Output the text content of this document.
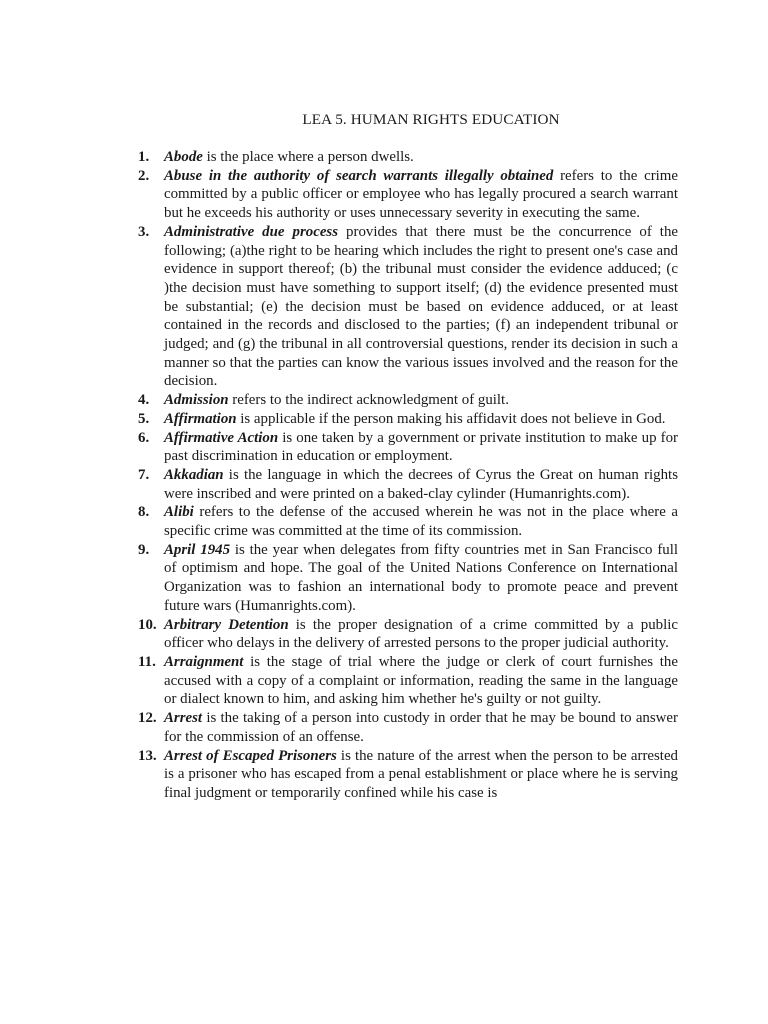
LEA 5. HUMAN RIGHTS EDUCATION
1. Abode is the place where a person dwells.
2. Abuse in the authority of search warrants illegally obtained refers to the crime committed by a public officer or employee who has legally procured a search warrant but he exceeds his authority or uses unnecessary severity in executing the same.
3. Administrative due process provides that there must be the concurrence of the following; (a)the right to be hearing which includes the right to present one's case and evidence in support thereof; (b) the tribunal must consider the evidence adduced; (c )the decision must have something to support itself; (d) the evidence presented must be substantial; (e) the decision must be based on evidence adduced, or at least contained in the records and disclosed to the parties; (f) an independent tribunal or judged; and (g) the tribunal in all controversial questions, render its decision in such a manner so that the parties can know the various issues involved and the reason for the decision.
4. Admission refers to the indirect acknowledgment of guilt.
5. Affirmation is applicable if the person making his affidavit does not believe in God.
6. Affirmative Action is one taken by a government or private institution to make up for past discrimination in education or employment.
7. Akkadian is the language in which the decrees of Cyrus the Great on human rights were inscribed and were printed on a baked-clay cylinder (Humanrights.com).
8. Alibi refers to the defense of the accused wherein he was not in the place where a specific crime was committed at the time of its commission.
9. April 1945 is the year when delegates from fifty countries met in San Francisco full of optimism and hope. The goal of the United Nations Conference on International Organization was to fashion an international body to promote peace and prevent future wars (Humanrights.com).
10. Arbitrary Detention is the proper designation of a crime committed by a public officer who delays in the delivery of arrested persons to the proper judicial authority.
11. Arraignment is the stage of trial where the judge or clerk of court furnishes the accused with a copy of a complaint or information, reading the same in the language or dialect known to him, and asking him whether he's guilty or not guilty.
12. Arrest is the taking of a person into custody in order that he may be bound to answer for the commission of an offense.
13. Arrest of Escaped Prisoners is the nature of the arrest when the person to be arrested is a prisoner who has escaped from a penal establishment or place where he is serving final judgment or temporarily confined while his case is
